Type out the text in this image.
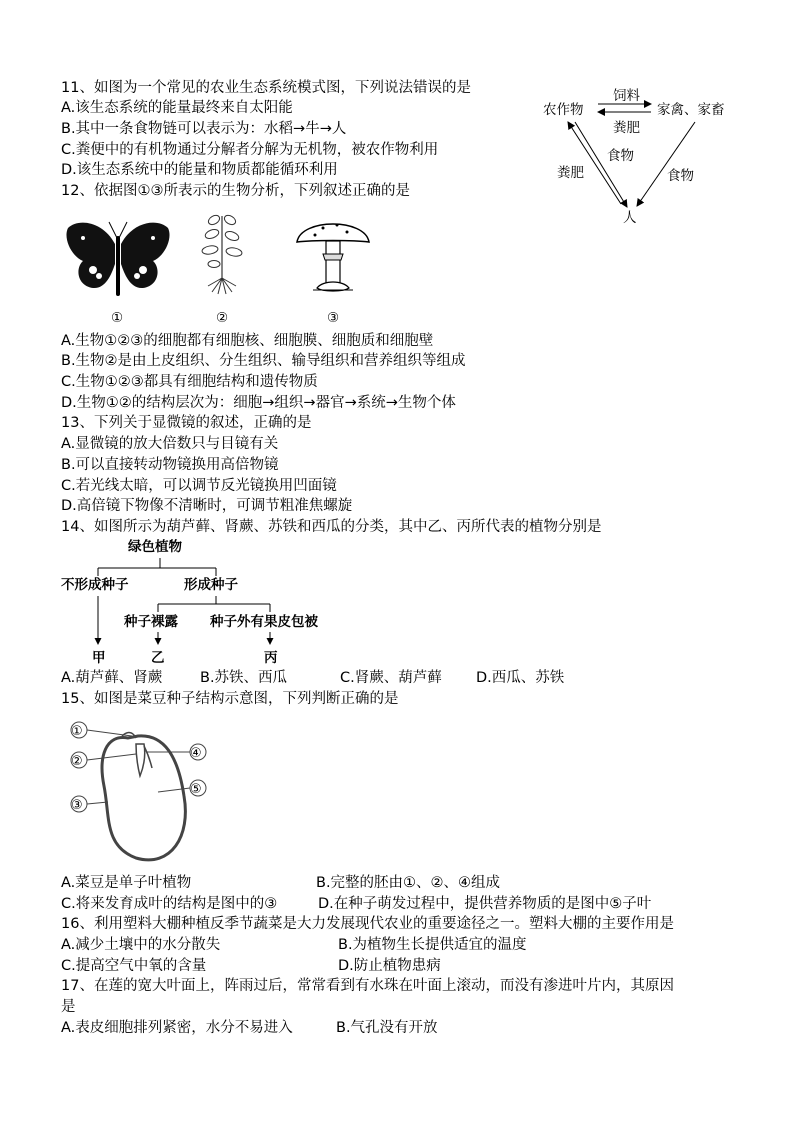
11、如图为一个常见的农业生态系统模式图，下列说法错误的是
A.该生态系统的能量最终来自太阳能
B.其中一条食物链可以表示为：水稻→牛→人
C.粪便中的有机物通过分解者分解为无机物，被农作物利用
D.该生态系统中的能量和物质都能循环利用
农作物	家禽、家畜
饲料
粪肥
食物
粪肥	食物
人
12、依据图①③所表示的生物分析，下列叙述正确的是
①	②	③
A.生物①②③的细胞都有细胞核、细胞膜、细胞质和细胞壁
B.生物②是由上皮组织、分生组织、输导组织和营养组织等组成
C.生物①②③都具有细胞结构和遗传物质
D.生物①②的结构层次为：细胞→组织→器官→系统→生物个体
13、下列关于显微镜的叙述，正确的是
A.显微镜的放大倍数只与目镜有关
B.可以直接转动物镜换用高倍物镜
C.若光线太暗，可以调节反光镜换用凹面镜
D.高倍镜下物像不清晰时，可调节粗准焦螺旋
14、如图所示为葫芦藓、肾蕨、苏铁和西瓜的分类，其中乙、丙所代表的植物分别是
绿色植物
不形成种子	形成种子
种子裸露 种子外有果皮包被
甲	乙	丙
A.葫芦藓、肾蕨	B.苏铁、西瓜	C.肾蕨、葫芦藓 D.西瓜、苏铁
15、如图是菜豆种子结构示意图，下列判断正确的是
①
②
③
④
⑤
A.菜豆是单子叶植物	B.完整的胚由①、②、④组成
C.将来发育成叶的结构是图中的③	D.在种子萌发过程中，提供营养物质的是图中⑤子叶
16、利用塑料大棚种植反季节蔬菜是大力发展现代农业的重要途径之一。塑料大棚的主要作用是
A.减少土壤中的水分散失	B.为植物生长提供适宜的温度
C.提高空气中氧的含量	D.防止植物患病
17、在莲的宽大叶面上，阵雨过后，常常看到有水珠在叶面上滚动，而没有渗进叶片内，其原因
是
A.表皮细胞排列紧密，水分不易进入	B.气孔没有开放
